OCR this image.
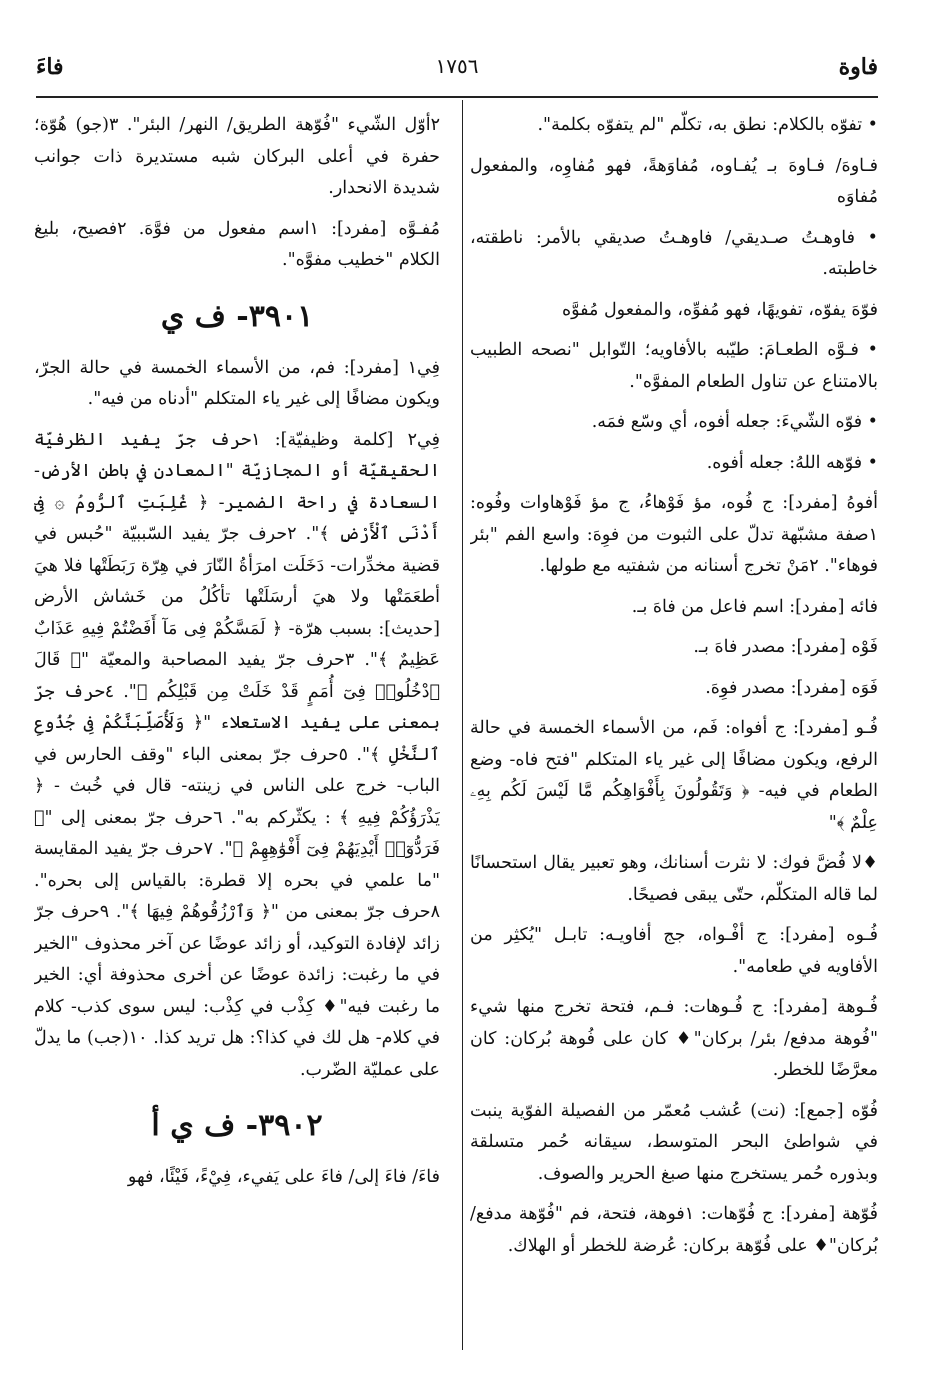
فاوة
١٧٥٦
فاءَ

• تفوّه بالكلام: نطق به، تكلّم "لم يتفوّه بكلمة".

فـاوهَ/ فـاوهَ بـ يُفـاوه، مُفاوَهةً، فهو مُفاوِه، والمفعول مُفاوَه

• فاوهـتُ صـديقي/ فاوهـتُ صديقي بالأمر: ناطقته، خاطبته.

فوّهَ يفوّه، تفويهًا، فهو مُفوِّه، والمفعول مُفوَّه

• فـوَّه الطعـامَ: طيّبه بالأفاويه؛ التّوابل "نصحه الطبيب بالامتناع عن تناول الطعام المفوَّه".

• فوّه الشّيءَ: جعله أفوه، أي وسّع فمَه.

• فوّهه اللهُ: جعله أفوه.

أفوهُ [مفرد]: ج فُوه، مؤ فَوْهاءُ، ج مؤ فَوْهاوات وفُوه: ١صفة مشبّهة تدلّ على الثبوت من فوِهَ: واسع الفم "بئر فوهاء". ٢مَنْ تخرج أسنانه من شفتيه مع طولها.

فائه [مفرد]: اسم فاعل من فاهَ بـ.

فَوْه [مفرد]: مصدر فاهَ بـ.

فَوَه [مفرد]: مصدر فوِهَ.

فُـو [مفرد]: ج أفواه: فَم، من الأسماء الخمسة في حالة الرفع، ويكون مضافًا إلى غير ياء المتكلم "فتح فاه- وضع الطعام في فيه- ﴿ وَتَقُولُونَ بِأَفْوَاهِكُم مَّا لَيْسَ لَكُم بِهِۦ عِلْمٌ ﴾"

♦لا فُضَّ فوك: لا نثرت أسنانك، وهو تعبير يقال استحسانًا لما قاله المتكلّم، حتّى يبقى فصيحًا.

فُـوه [مفرد]: ج أفْـواه، جج أفاويـه: تابـل "يُكثِر من الأفاويه في طعامه".

فُـوهة [مفرد]: ج فُـوهات: فـم، فتحة تخرج منها شيء "فُوهة مدفع/ بئر/ بركان"♦ كان على فُوهة بُركان: كان معرَّضًا للخطر.

فُوّه [جمع]: (نت) عُشب مُعمّر من الفصيلة الفوّية ينبت في شواطئ البحر المتوسط، سيقانه حُمر متسلقة وبذوره حُمر يستخرج منها صبغ الحرير والصوف.

فُوّهة [مفرد]: ج فُوّهات: ١فوهة، فتحة، فم "فُوّهة مدفع/ بُركان"♦ على فُوّهة بركان: عُرضة للخطر أو الهلاك.

٢أوّل الشّيء "فُوّهة الطريق/ النهر/ البئر". ٣(جو) هُوّة؛ حفرة في أعلى البركان شبه مستديرة ذات جوانب شديدة الانحدار.

مُفـوَّه [مفرد]: ١اسم مفعول من فوَّهَ. ٢فصيح، بليغ الكلام "خطيب مفوَّه".

٣٩٠١- ف ي

فِي١ [مفرد]: فم، من الأسماء الخمسة في حالة الجرّ، ويكون مضافًا إلى غير ياء المتكلم "أدناه من فيه".

فِي٢ [كلمة وظيفيّة]: ١حرف جرّ يفيد الظرفيّة الحقيقيّة أو المجازيّة "المعادن في باطن الأرض- السعادة في راحة الضمير- ﴿ غُلِبَتِ ٱلرُّومُ ۞ فِىٓ أَدْنَى ٱلْأَرْضِ ﴾". ٢حرف جرّ يفيد السّببيّة "حُبس في قضية مخدِّرات- دَخَلَت امرَأةُ النّارَ في هِرّة رَبَطَتْها فلا هيَ أطعَمَتْها ولا هيَ أرسَلَتْها تأكُلُ من خَشاش الأرض [حديث]: بسبب هرّة- ﴿ لَمَسَّكُمْ فِى مَآ أَفَضْتُمْ فِيهِ عَذَابٌ عَظِيمٌ ﴾". ٣حرف جرّ يفيد المصاحبة والمعيّة "﴿ قَالَ ٱدْخُلُوا۟ فِىٓ أُمَمٍ قَدْ خَلَتْ مِن قَبْلِكُم ﴾". ٤حرف جرّ بمعنى على يفيد الاستعلاء "﴿ وَلَأُصَلِّبَنَّكُمْ فِى جُذُوعِ ٱلنَّخْلِ ﴾". ٥حرف جرّ بمعنى الباء "وقف الحارس في الباب- خرج على الناس في زينته- قال في خُبث - ﴿ يَذْرَؤُكُمْ فِيهِ ﴾ : يكثّركم به". ٦حرف جرّ بمعنى إلى "﴿ فَرَدُّوٓا۟ أَيْدِيَهُمْ فِىٓ أَفْوَٰهِهِمْ ﴾". ٧حرف جرّ يفيد المقايسة "ما علمي في بحره إلا قطرة: بالقياس إلى بحره". ٨حرف جرّ بمعنى من "﴿ وَٱرْزُقُوهُمْ فِيهَا ﴾". ٩حرف جرّ زائد لإفادة التوكيد، أو زائد عوضًا عن آخر محذوف "الخير في ما رغبت: زائدة عوضًا عن أخرى محذوفة أي: الخير ما رغبت فيه"♦ كِذْب في كِذْب: ليس سوى كذب- كلام في كلام- هل لك في كذا؟: هل تريد كذا. ١٠(جب) ما يدلّ على عمليّة الضّرب.

٣٩٠٢- ف ي أ

فاءَ/ فاءَ إلى/ فاءَ على يَفيء، فِيْءً، فَيْئًا، فهو
